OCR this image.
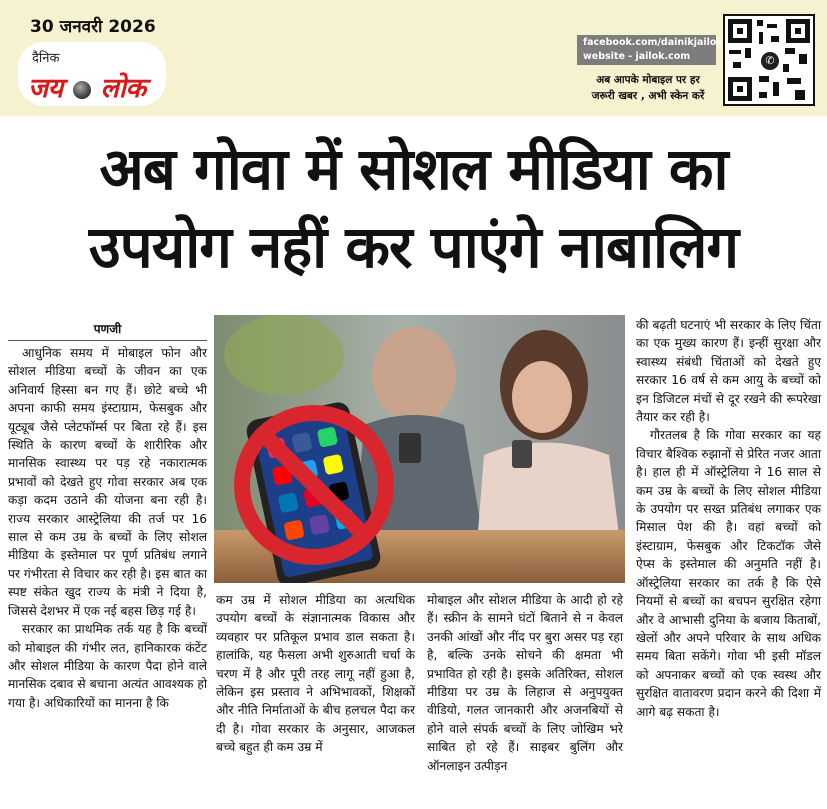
30 जनवरी 2026
दैनिक
जय लोक
facebook.com/dainikjailok
website - jailok.com
अब आपके मोबाइल पर हर
जरूरी खबर , अभी स्केन करें
✆
अब गोवा में सोशल मीडिया का
उपयोग नहीं कर पाएंगे नाबालिग
पणजी

आधुनिक समय में मोबाइल फोन और सोशल मीडिया बच्चों के जीवन का एक अनिवार्य हिस्सा बन गए हैं। छोटे बच्चे भी अपना काफी समय इंस्टाग्राम, फेसबुक और यूट्यूब जैसे प्लेटफॉर्म्स पर बिता रहे हैं। इस स्थिति के कारण बच्चों के शारीरिक और मानसिक स्वास्थ्य पर पड़ रहे नकारात्मक प्रभावों को देखते हुए गोवा सरकार अब एक कड़ा कदम उठाने की योजना बना रही है। राज्य सरकार आस्ट्रेलिया की तर्ज पर 16 साल से कम उम्र के बच्चों के लिए सोशल मीडिया के इस्तेमाल पर पूर्ण प्रतिबंध लगाने पर गंभीरता से विचार कर रही है। इस बात का स्पष्ट संकेत खुद राज्य के मंत्री ने दिया है, जिससे देशभर में एक नई बहस छिड़ गई है।

सरकार का प्राथमिक तर्क यह है कि बच्चों को मोबाइल की गंभीर लत, हानिकारक कंटेंट और सोशल मीडिया के कारण पैदा होने वाले मानसिक दबाव से बचाना अत्यंत आवश्यक हो गया है। अधिकारियों का मानना है कि

कम उम्र में सोशल मीडिया का अत्यधिक उपयोग बच्चों के संज्ञानात्मक विकास और व्यवहार पर प्रतिकूल प्रभाव डाल सकता है। हालांकि, यह फैसला अभी शुरुआती चर्चा के चरण में है और पूरी तरह लागू नहीं हुआ है, लेकिन इस प्रस्ताव ने अभिभावकों, शिक्षकों और नीति निर्माताओं के बीच हलचल पैदा कर दी है। गोवा सरकार के अनुसार, आजकल बच्चे बहुत ही कम उम्र में

मोबाइल और सोशल मीडिया के आदी हो रहे हैं। स्क्रीन के सामने घंटों बिताने से न केवल उनकी आंखों और नींद पर बुरा असर पड़ रहा है, बल्कि उनके सोचने की क्षमता भी प्रभावित हो रही है। इसके अतिरिक्त, सोशल मीडिया पर उम्र के लिहाज से अनुपयुक्त वीडियो, गलत जानकारी और अजनबियों से होने वाले संपर्क बच्चों के लिए जोखिम भरे साबित हो रहे हैं। साइबर बुलिंग और ऑनलाइन उत्पीड़न

की बढ़ती घटनाएं भी सरकार के लिए चिंता का एक मुख्य कारण हैं। इन्हीं सुरक्षा और स्वास्थ्य संबंधी चिंताओं को देखते हुए सरकार 16 वर्ष से कम आयु के बच्चों को इन डिजिटल मंचों से दूर रखने की रूपरेखा तैयार कर रही है।

गौरतलब है कि गोवा सरकार का यह विचार बैश्विक रुझानों से प्रेरित नजर आता है। हाल ही में ऑस्ट्रेलिया ने 16 साल से कम उम्र के बच्चों के लिए सोशल मीडिया के उपयोग पर सख्त प्रतिबंध लगाकर एक मिसाल पेश की है। वहां बच्चों को इंस्टाग्राम, फेसबुक और टिकटॉक जैसे ऐप्स के इस्तेमाल की अनुमति नहीं है। ऑस्ट्रेलिया सरकार का तर्क है कि ऐसे नियमों से बच्चों का बचपन सुरक्षित रहेगा और वे आभासी दुनिया के बजाय किताबों, खेलों और अपने परिवार के साथ अधिक समय बिता सकेंगे। गोवा भी इसी मॉडल को अपनाकर बच्चों को एक स्वस्थ और सुरक्षित वातावरण प्रदान करने की दिशा में आगे बढ़ सकता है।
